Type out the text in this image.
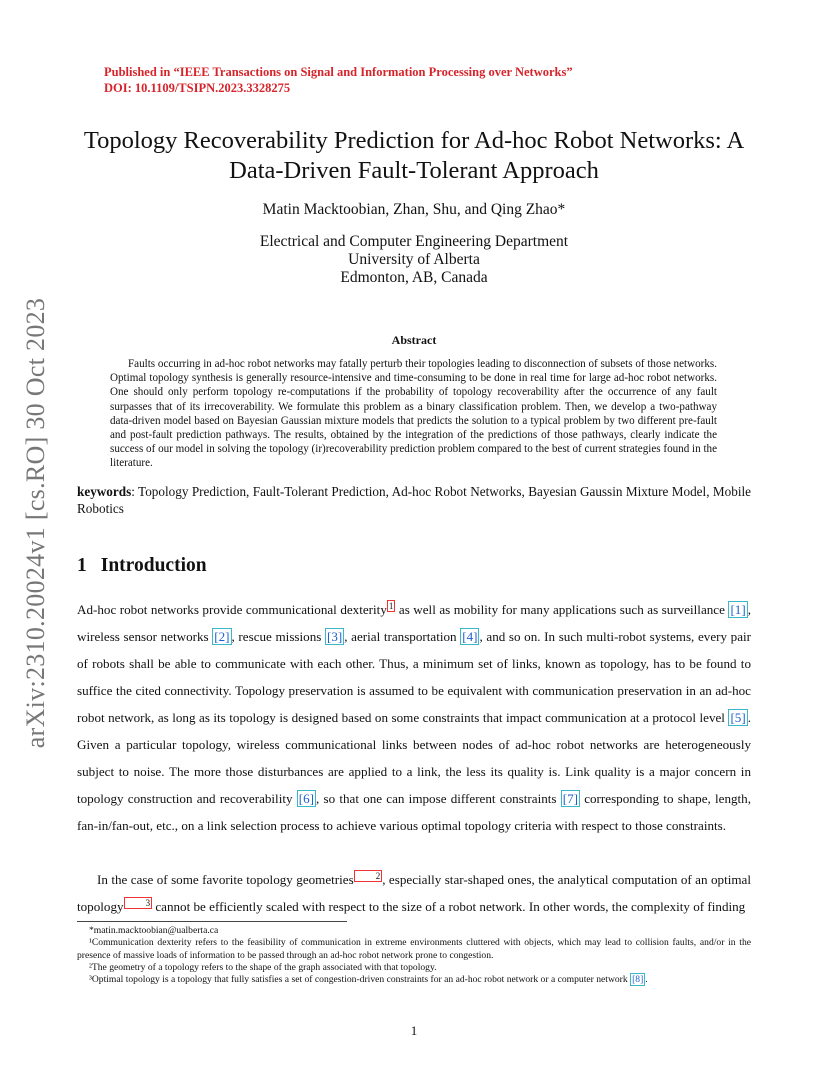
Published in “IEEE Transactions on Signal and Information Processing over Networks”
DOI: 10.1109/TSIPN.2023.3328275
arXiv:2310.20024v1 [cs.RO] 30 Oct 2023
Topology Recoverability Prediction for Ad-hoc Robot Networks: A
Data-Driven Fault-Tolerant Approach
Matin Macktoobian, Zhan, Shu, and Qing Zhao*
Electrical and Computer Engineering Department
University of Alberta
Edmonton, AB, Canada
Abstract
Faults occurring in ad-hoc robot networks may fatally perturb their topologies leading to disconnection of subsets of those networks. Optimal topology synthesis is generally resource-intensive and time-consuming to be done in real time for large ad-hoc robot networks. One should only perform topology re-computations if the probability of topology recoverability after the occurrence of any fault surpasses that of its irrecoverability. We formulate this problem as a binary classification problem. Then, we develop a two-pathway data-driven model based on Bayesian Gaussian mixture models that predicts the solution to a typical problem by two different pre-fault and post-fault prediction pathways. The results, obtained by the integration of the predictions of those pathways, clearly indicate the success of our model in solving the topology (ir)recoverability prediction problem compared to the best of current strategies found in the literature.
keywords: Topology Prediction, Fault-Tolerant Prediction, Ad-hoc Robot Networks, Bayesian Gaussin Mixture Model, Mobile Robotics
1 Introduction
Ad-hoc robot networks provide communicational dexterity 1 as well as mobility for many applications such as surveillance [1] , wireless sensor networks [2] , rescue missions [3] , aerial transportation [4] , and so on. In such multi-robot systems, every pair of robots shall be able to communicate with each other. Thus, a minimum set of links, known as topology, has to be found to suffice the cited connectivity. Topology preservation is assumed to be equivalent with communication preservation in an ad-hoc robot network, as long as its topology is designed based on some constraints that impact communication at a protocol level [5] . Given a particular topology, wireless communicational links between nodes of ad-hoc robot networks are heterogeneously subject to noise. The more those disturbances are applied to a link, the less its quality is. Link quality is a major concern in topology construction and recoverability [6] , so that one can impose different constraints [7] corresponding to shape, length, fan-in/fan-out, etc., on a link selection process to achieve various optimal topology criteria with respect to those constraints.
In the case of some favorite topology geometries 2 , especially star-shaped ones, the analytical computation of an optimal topology 3 cannot be efficiently scaled with respect to the size of a robot network. In other words, the complexity of finding

*matin.macktoobian@ualberta.ca

¹Communication dexterity refers to the feasibility of communication in extreme environments cluttered with objects, which may lead to collision faults, and/or in the presence of massive loads of information to be passed through an ad-hoc robot network prone to congestion.

²The geometry of a topology refers to the shape of the graph associated with that topology.

³Optimal topology is a topology that fully satisfies a set of congestion-driven constraints for an ad-hoc robot network or a computer network [8] .

1
